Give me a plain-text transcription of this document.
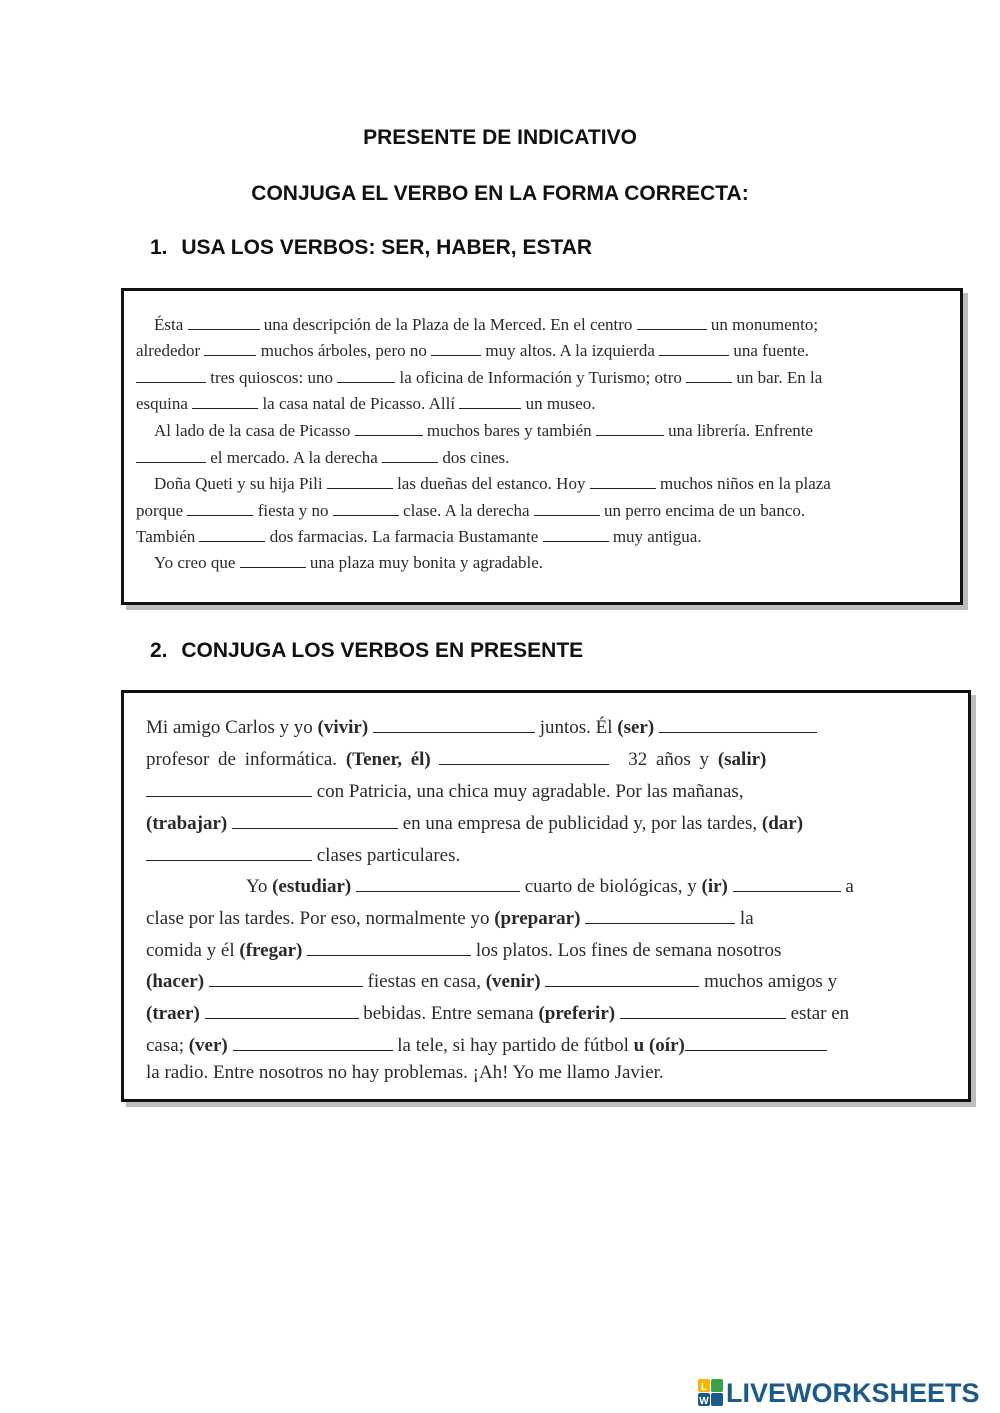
PRESENTE DE INDICATIVO
CONJUGA EL VERBO EN LA FORMA CORRECTA:
1. USA LOS VERBOS: SER, HABER, ESTAR
Ésta	una descripción de la Plaza de la Merced. En el centro	un monumento;
alrededor	muchos árboles, pero no	muy altos. A la izquierda	una fuente.
tres quioscos: uno	la oficina de Información y Turismo; otro	un bar. En la
esquina	la casa natal de Picasso. Allí	un museo.
Al lado de la casa de Picasso	muchos bares y también	una librería. Enfrente
el mercado. A la derecha	dos cines.
Doña Queti y su hija Pili	las dueñas del estanco. Hoy	muchos niños en la plaza
porque	fiesta y no	clase. A la derecha	un perro encima de un banco.
También	dos farmacias. La farmacia Bustamante	muy antigua.
Yo creo que	una plaza muy bonita y agradable.
2. CONJUGA LOS VERBOS EN PRESENTE
Mi amigo Carlos y yo (vivir)	juntos. Él (ser)
profesor de informática. (Tener, él)	32 años y (salir)
con Patricia, una chica muy agradable. Por las mañanas,
(trabajar)	en una empresa de publicidad y, por las tardes, (dar)
clases particulares.
Yo (estudiar)	cuarto de biológicas, y (ir)	a
clase por las tardes. Por eso, normalmente yo (preparar)	la
comida y él (fregar)	los platos. Los fines de semana nosotros
(hacer)	fiestas en casa, (venir)	muchos amigos y
(traer)	bebidas. Entre semana (preferir)	estar en
casa; (ver)	la tele, si hay partido de fútbol u (oír)
la radio. Entre nosotros no hay problemas. ¡Ah! Yo me llamo Javier.
L
W LIVEWORKSHEETS
